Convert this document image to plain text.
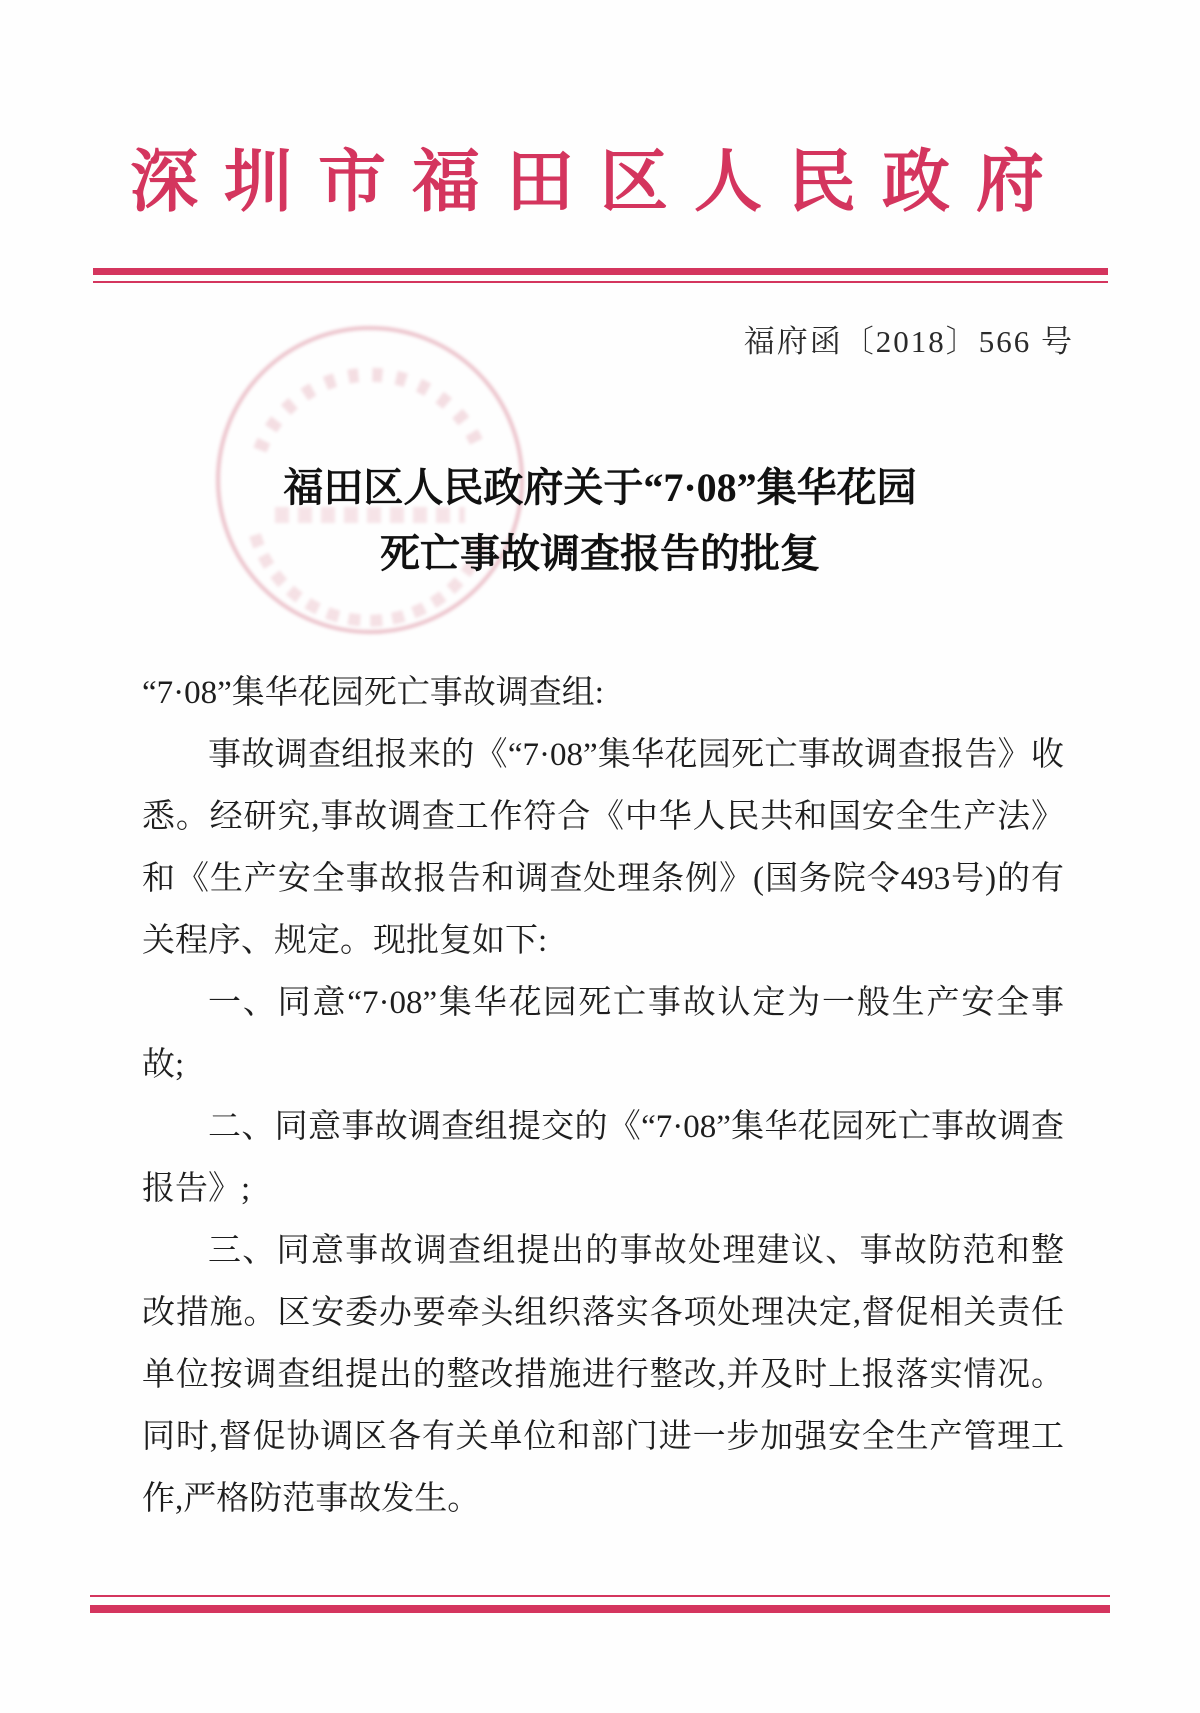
深圳市福田区人民政府
福府函〔2018〕566 号
福田区人民政府关于“7·08”集华花园
死亡事故调查报告的批复

“7·08”集华花园死亡事故调查组:

事故调查组报来的《“7·08”集华花园死亡事故调查报告》收悉。经研究,事故调查工作符合《中华人民共和国安全生产法》和《生产安全事故报告和调查处理条例》(国务院令493号)的有关程序、规定。现批复如下:

一、同意“7·08”集华花园死亡事故认定为一般生产安全事故;

二、同意事故调查组提交的《“7·08”集华花园死亡事故调查报告》;

三、同意事故调查组提出的事故处理建议、事故防范和整改措施。区安委办要牵头组织落实各项处理决定,督促相关责任单位按调查组提出的整改措施进行整改,并及时上报落实情况。同时,督促协调区各有关单位和部门进一步加强安全生产管理工作,严格防范事故发生。
